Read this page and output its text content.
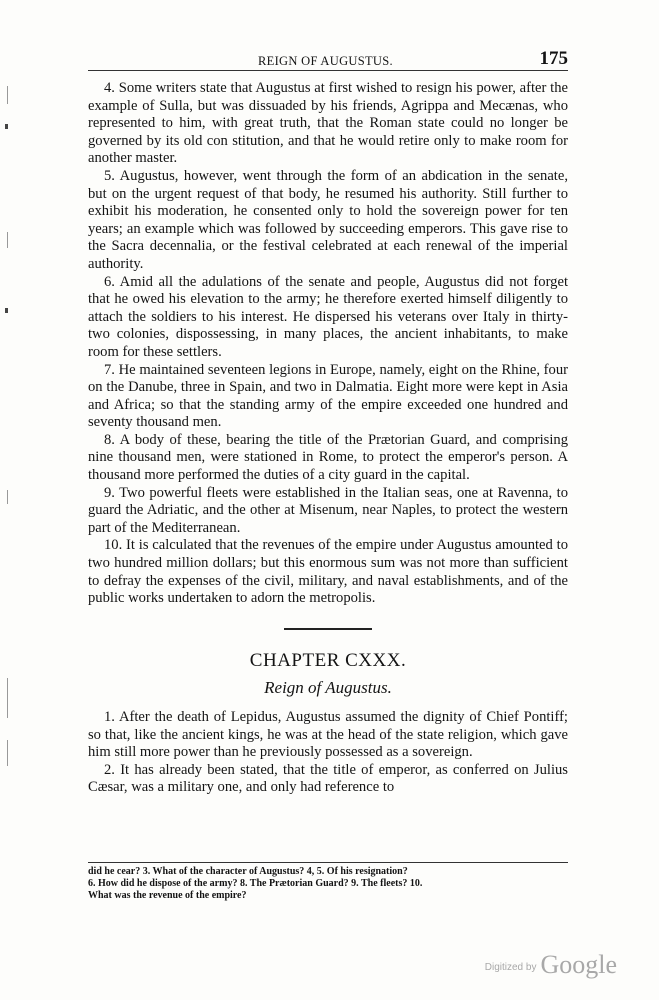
REIGN OF AUGUSTUS.	175

4. Some writers state that Augustus at first wished to resign his power, after the example of Sulla, but was dissuaded by his friends, Agrippa and Mecænas, who represented to him, with great truth, that the Roman state could no longer be governed by its old con stitution, and that he would retire only to make room for another master.

5. Augustus, however, went through the form of an abdication in the senate, but on the urgent request of that body, he resumed his authority. Still further to exhibit his moderation, he consented only to hold the sovereign power for ten years; an example which was followed by succeeding emperors. This gave rise to the Sacra decennalia, or the festival celebrated at each renewal of the imperial authority.

6. Amid all the adulations of the senate and people, Augustus did not forget that he owed his elevation to the army; he therefore exerted himself diligently to attach the soldiers to his interest. He dispersed his veterans over Italy in thirty-two colonies, dispossessing, in many places, the ancient inhabitants, to make room for these settlers.

7. He maintained seventeen legions in Europe, namely, eight on the Rhine, four on the Danube, three in Spain, and two in Dalmatia. Eight more were kept in Asia and Africa; so that the standing army of the empire exceeded one hundred and seventy thousand men.

8. A body of these, bearing the title of the Prætorian Guard, and comprising nine thousand men, were stationed in Rome, to protect the emperor's person. A thousand more performed the duties of a city guard in the capital.

9. Two powerful fleets were established in the Italian seas, one at Ravenna, to guard the Adriatic, and the other at Misenum, near Naples, to protect the western part of the Mediterranean.

10. It is calculated that the revenues of the empire under Augustus amounted to two hundred million dollars; but this enormous sum was not more than sufficient to defray the expenses of the civil, military, and naval establishments, and of the public works undertaken to adorn the metropolis.

CHAPTER CXXX.
Reign of Augustus.

1. After the death of Lepidus, Augustus assumed the dignity of Chief Pontiff; so that, like the ancient kings, he was at the head of the state religion, which gave him still more power than he previously possessed as a sovereign.

2. It has already been stated, that the title of emperor, as conferred on Julius Cæsar, was a military one, and only had reference to

did he cear? 3. What of the character of Augustus? 4, 5. Of his resignation?
6. How did he dispose of the army? 8. The Prætorian Guard? 9. The fleets? 10.
What was the revenue of the empire?
Digitized by Google
